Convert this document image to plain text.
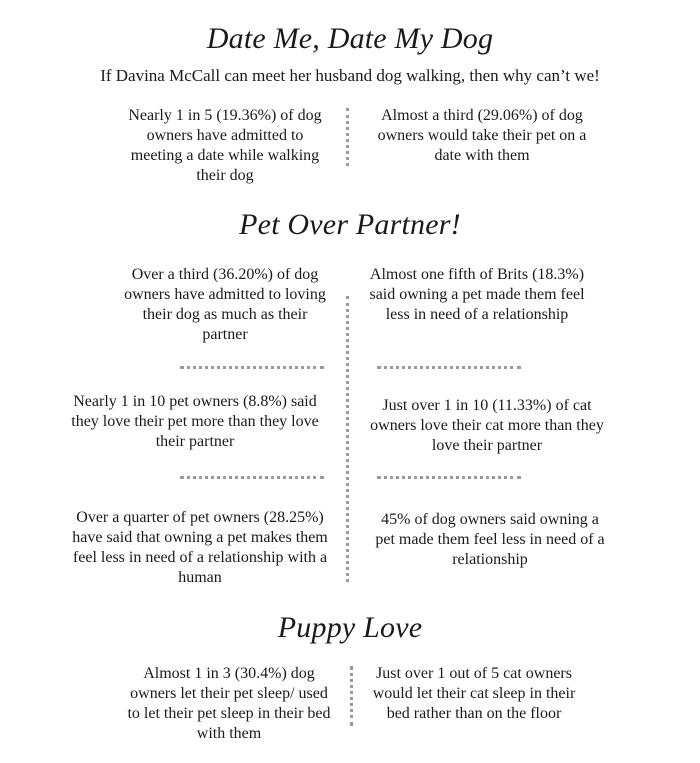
Date Me, Date My Dog

If Davina McCall can meet her husband dog walking, then why can’t we!

Nearly 1 in 5 (19.36%) of dog owners have admitted to meeting a date while walking their dog

Almost a third (29.06%) of dog owners would take their pet on a date with them

Pet Over Partner!

Over a third (36.20%) of dog owners have admitted to loving their dog as much as their partner

Almost one fifth of Brits (18.3%) said owning a pet made them feel less in need of a relationship

Nearly 1 in 10 pet owners (8.8%) said they love their pet more than they love their partner

Just over 1 in 10 (11.33%) of cat owners love their cat more than they love their partner

Over a quarter of pet owners (28.25%) have said that owning a pet makes them feel less in need of a relationship with a human

45% of dog owners said owning a pet made them feel less in need of a relationship

Puppy Love

Almost 1 in 3 (30.4%) dog owners let their pet sleep/ used to let their pet sleep in their bed with them

Just over 1 out of 5 cat owners would let their cat sleep in their bed rather than on the floor
